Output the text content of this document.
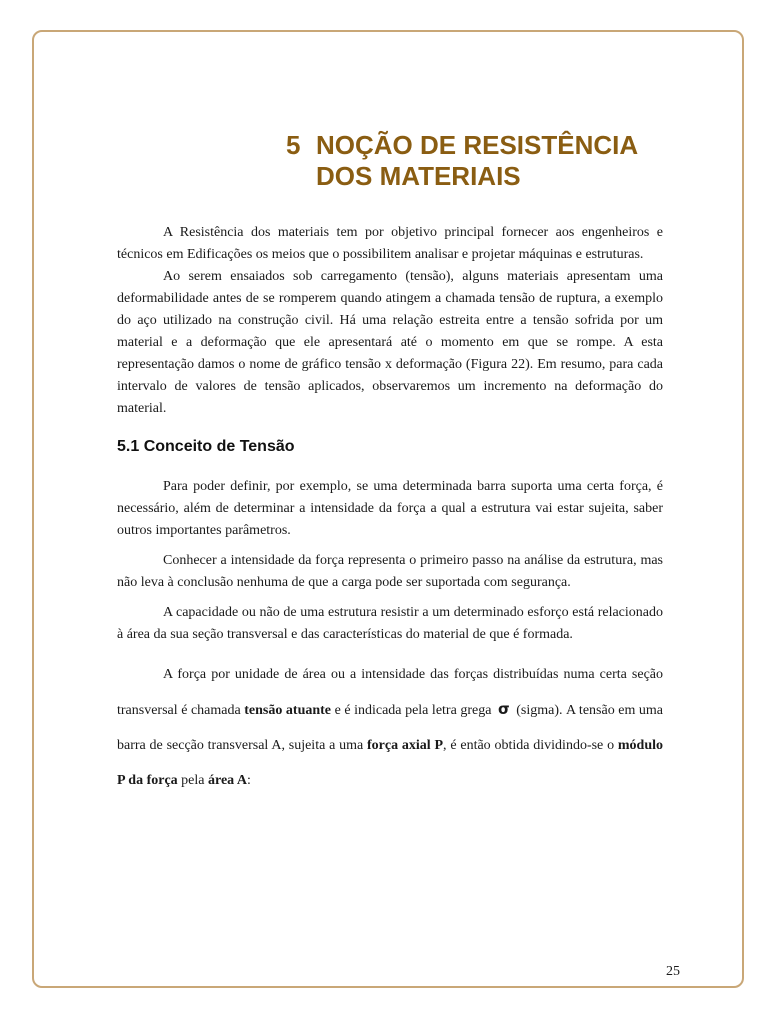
5 NOÇÃO DE RESISTÊNCIA
DOS MATERIAIS

A Resistência dos materiais tem por objetivo principal fornecer aos engenheiros e técnicos em Edificações os meios que o possibilitem analisar e projetar máquinas e estruturas.

Ao serem ensaiados sob carregamento (tensão), alguns materiais apresentam uma deformabilidade antes de se romperem quando atingem a chamada tensão de ruptura, a exemplo do aço utilizado na construção civil. Há uma relação estreita entre a tensão sofrida por um material e a deformação que ele apresentará até o momento em que se rompe. A esta representação damos o nome de gráfico tensão x deformação (Figura 22). Em resumo, para cada intervalo de valores de tensão aplicados, observaremos um incremento na deformação do material.

5.1 Conceito de Tensão

Para poder definir, por exemplo, se uma determinada barra suporta uma certa força, é necessário, além de determinar a intensidade da força a qual a estrutura vai estar sujeita, saber outros importantes parâmetros.

Conhecer a intensidade da força representa o primeiro passo na análise da estrutura, mas não leva à conclusão nenhuma de que a carga pode ser suportada com segurança.

A capacidade ou não de uma estrutura resistir a um determinado esforço está relacionado à área da sua seção transversal e das características do material de que é formada.

A força por unidade de área ou a intensidade das forças distribuídas numa certa seção transversal é chamada tensão atuante e é indicada pela letra grega σ (sigma). A tensão em uma barra de secção transversal A, sujeita a uma força axial P, é então obtida dividindo-se o módulo P da força pela área A:

25
